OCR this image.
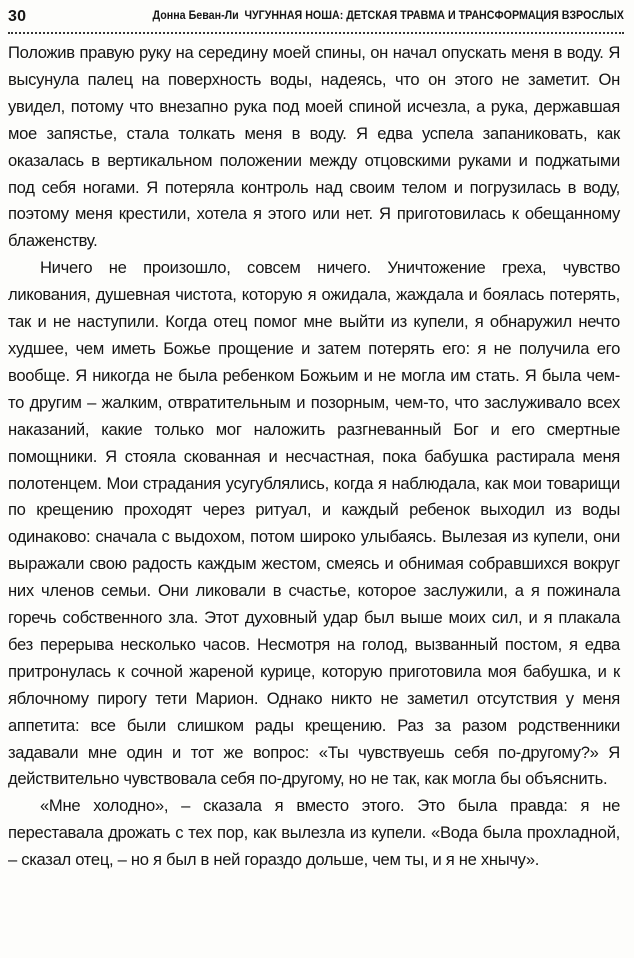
30	Донна Беван-Ли ЧУГУННАЯ НОША: ДЕТСКАЯ ТРАВМА И ТРАНСФОРМАЦИЯ ВЗРОСЛЫХ

Положив правую руку на середину моей спины, он начал опускать меня в воду. Я высунула палец на поверхность воды, надеясь, что он этого не заметит. Он увидел, потому что внезапно рука под моей спиной исчезла, а рука, державшая мое запястье, стала толкать меня в воду. Я едва успела запаниковать, как оказалась в вертикальном положении между отцовскими руками и поджатыми под себя ногами. Я потеряла контроль над своим телом и погрузилась в воду, поэтому меня крестили, хотела я этого или нет. Я приготовилась к обещанному блаженству.

Ничего не произошло, совсем ничего. Уничтожение греха, чувство ликования, душевная чистота, которую я ожидала, жаждала и боялась потерять, так и не наступили. Когда отец помог мне выйти из купели, я обнаружил нечто худшее, чем иметь Божье прощение и затем потерять его: я не получила его вообще. Я никогда не была ребенком Божьим и не могла им стать. Я была чем-то другим – жалким, отвратительным и позорным, чем-то, что заслуживало всех наказаний, какие только мог наложить разгневанный Бог и его смертные помощники. Я стояла скованная и несчастная, пока бабушка растирала меня полотенцем. Мои страдания усугублялись, когда я наблюдала, как мои товарищи по крещению проходят через ритуал, и каждый ребенок выходил из воды одинаково: сначала с выдохом, потом широко улыбаясь. Вылезая из купели, они выражали свою радость каждым жестом, смеясь и обнимая собравшихся вокруг них членов семьи. Они ликовали в счастье, которое заслужили, а я пожинала горечь собственного зла. Этот духовный удар был выше моих сил, и я плакала без перерыва несколько часов. Несмотря на голод, вызванный постом, я едва притронулась к сочной жареной курице, которую приготовила моя бабушка, и к яблочному пирогу тети Марион. Однако никто не заметил отсутствия у меня аппетита: все были слишком рады крещению. Раз за разом родственники задавали мне один и тот же вопрос: «Ты чувствуешь себя по-другому?» Я действительно чувствовала себя по-другому, но не так, как могла бы объяснить.

«Мне холодно», – сказала я вместо этого. Это была правда: я не переставала дрожать с тех пор, как вылезла из купели. «Вода была прохладной, – сказал отец, – но я был в ней гораздо дольше, чем ты, и я не хнычу».
